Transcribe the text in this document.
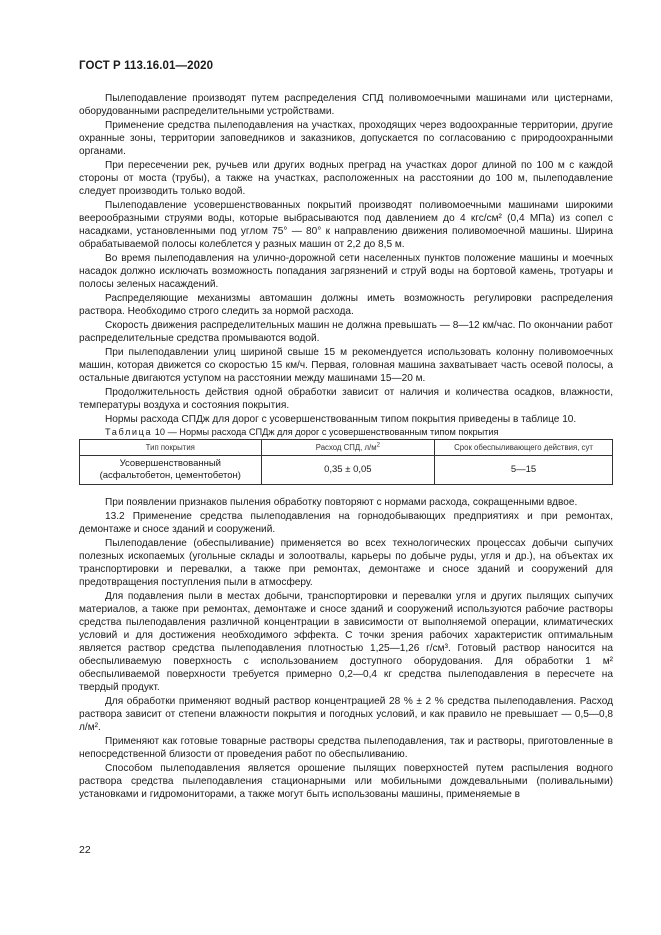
ГОСТ Р 113.16.01—2020

Пылеподавление производят путем распределения СПД поливомоечными машинами или цистернами, оборудованными распределительными устройствами.

Применение средства пылеподавления на участках, проходящих через водоохранные территории, другие охранные зоны, территории заповедников и заказников, допускается по согласованию с природоохранными органами.

При пересечении рек, ручьев или других водных преград на участках дорог длиной по 100 м с каждой стороны от моста (трубы), а также на участках, расположенных на расстоянии до 100 м, пылеподавление следует производить только водой.

Пылеподавление усовершенствованных покрытий производят поливомоечными машинами широкими веерообразными струями воды, которые выбрасываются под давлением до 4 кгс/см² (0,4 МПа) из сопел с насадками, установленными под углом 75° — 80° к направлению движения поливомоечной машины. Ширина обрабатываемой полосы колеблется у разных машин от 2,2 до 8,5 м.

Во время пылеподавления на улично-дорожной сети населенных пунктов положение машины и моечных насадок должно исключать возможность попадания загрязнений и струй воды на бортовой камень, тротуары и полосы зеленых насаждений.

Распределяющие механизмы автомашин должны иметь возможность регулировки распределения раствора. Необходимо строго следить за нормой расхода.

Скорость движения распределительных машин не должна превышать — 8—12 км/час. По окончании работ распределительные средства промываются водой.

При пылеподавлении улиц шириной свыше 15 м рекомендуется использовать колонну поливомоечных машин, которая движется со скоростью 15 км/ч. Первая, головная машина захватывает часть осевой полосы, а остальные двигаются уступом на расстоянии между машинами 15—20 м.

Продолжительность действия одной обработки зависит от наличия и количества осадков, влажности, температуры воздуха и состояния покрытия.

Нормы расхода СПДж для дорог с усовершенствованным типом покрытия приведены в таблице 10.

Таблица 10 — Нормы расхода СПДж для дорог с усовершенствованным типом покрытия

Тип покрытия	Расход СПД, $л/м^2$	Срок обеспыливающего действия, сут
Усовершенствованный
(асфальтобетон, цементобетон)	0,35 ± 0,05	5—15

При появлении признаков пыления обработку повторяют с нормами расхода, сокращенными вдвое.

13.2 Применение средства пылеподавления на горнодобывающих предприятиях и при ремонтах, демонтаже и сносе зданий и сооружений.

Пылеподавление (обеспыливание) применяется во всех технологических процессах добычи сыпучих полезных ископаемых (угольные склады и золоотвалы, карьеры по добыче руды, угля и др.), на объектах их транспортировки и перевалки, а также при ремонтах, демонтаже и сносе зданий и сооружений для предотвращения поступления пыли в атмосферу.

Для подавления пыли в местах добычи, транспортировки и перевалки угля и других пылящих сыпучих материалов, а также при ремонтах, демонтаже и сносе зданий и сооружений используются рабочие растворы средства пылеподавления различной концентрации в зависимости от выполняемой операции, климатических условий и для достижения необходимого эффекта. С точки зрения рабочих характеристик оптимальным является раствор средства пылеподавления плотностью 1,25—1,26 г/см³. Готовый раствор наносится на обеспыливаемую поверхность с использованием доступного оборудования. Для обработки 1 м² обеспыливаемой поверхности требуется примерно 0,2—0,4 кг средства пылеподавления в пересчете на твердый продукт.

Для обработки применяют водный раствор концентрацией 28 % ± 2 % средства пылеподавления. Расход раствора зависит от степени влажности покрытия и погодных условий, и как правило не превышает — 0,5—0,8 л/м².

Применяют как готовые товарные растворы средства пылеподавления, так и растворы, приготовленные в непосредственной близости от проведения работ по обеспыливанию.

Способом пылеподавления является орошение пылящих поверхностей путем распыления водного раствора средства пылеподавления стационарными или мобильными дождевальными (поливальными) установками и гидромониторами, а также могут быть использованы машины, применяемые в

22
